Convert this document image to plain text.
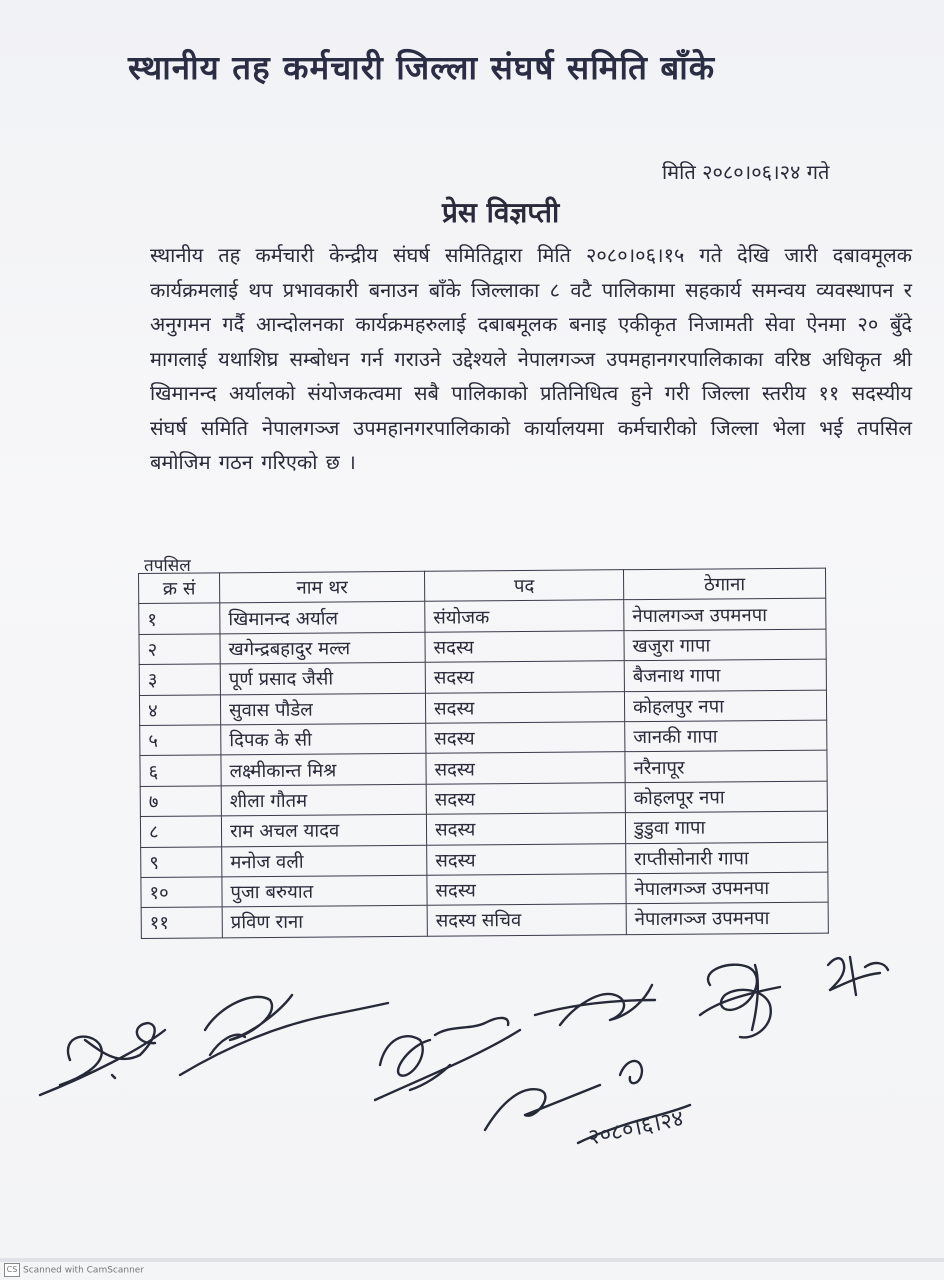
स्थानीय तह कर्मचारी जिल्ला संघर्ष समिति बाँके
मिति २०८०।०६।२४ गते
प्रेस विज्ञप्ती
स्थानीय तह कर्मचारी केन्द्रीय संघर्ष समितिद्वारा मिति २०८०।०६।१५ गते देखि जारी दबावमूलक कार्यक्रमलाई थप प्रभावकारी बनाउन बाँके जिल्लाका ८ वटै पालिकामा सहकार्य समन्वय व्यवस्थापन र अनुगमन गर्दै आन्दोलनका कार्यक्रमहरुलाई दबाबमूलक बनाइ एकीकृत निजामती सेवा ऐनमा २० बुँदे मागलाई यथाशिघ्र सम्बोधन गर्न गराउने उद्देश्यले नेपालगञ्ज उपमहानगरपालिकाका वरिष्ठ अधिकृत श्री खिमानन्द अर्यालको संयोजकत्वमा सबै पालिकाको प्रतिनिधित्व हुने गरी जिल्ला स्तरीय ११ सदस्यीय संघर्ष समिति नेपालगञ्ज उपमहानगरपालिकाको कार्यालयमा कर्मचारीको जिल्ला भेला भई तपसिल बमोजिम गठन गरिएको छ ।
तपसिल
क्र सं	नाम थर	पद	ठेगाना
१	खिमानन्द अर्याल	संयोजक	नेपालगञ्ज उपमनपा
२	खगेन्द्रबहादुर मल्ल	सदस्य	खजुरा गापा
३	पूर्ण प्रसाद जैसी	सदस्य	बैजनाथ गापा
४	सुवास पौडेल	सदस्य	कोहलपुर नपा
५	दिपक के सी	सदस्य	जानकी गापा
६	लक्ष्मीकान्त मिश्र	सदस्य	नरैनापूर
७	शीला गौतम	सदस्य	कोहलपूर नपा
८	राम अचल यादव	सदस्य	डुडुवा गापा
९	मनोज वली	सदस्य	राप्तीसोनारी गापा
१०	पुजा बरुयात	सदस्य	नेपालगञ्ज उपमनपा
११	प्रविण राना	सदस्य सचिव	नेपालगञ्ज उपमनपा
२०८०।६।२४
CS Scanned with CamScanner
